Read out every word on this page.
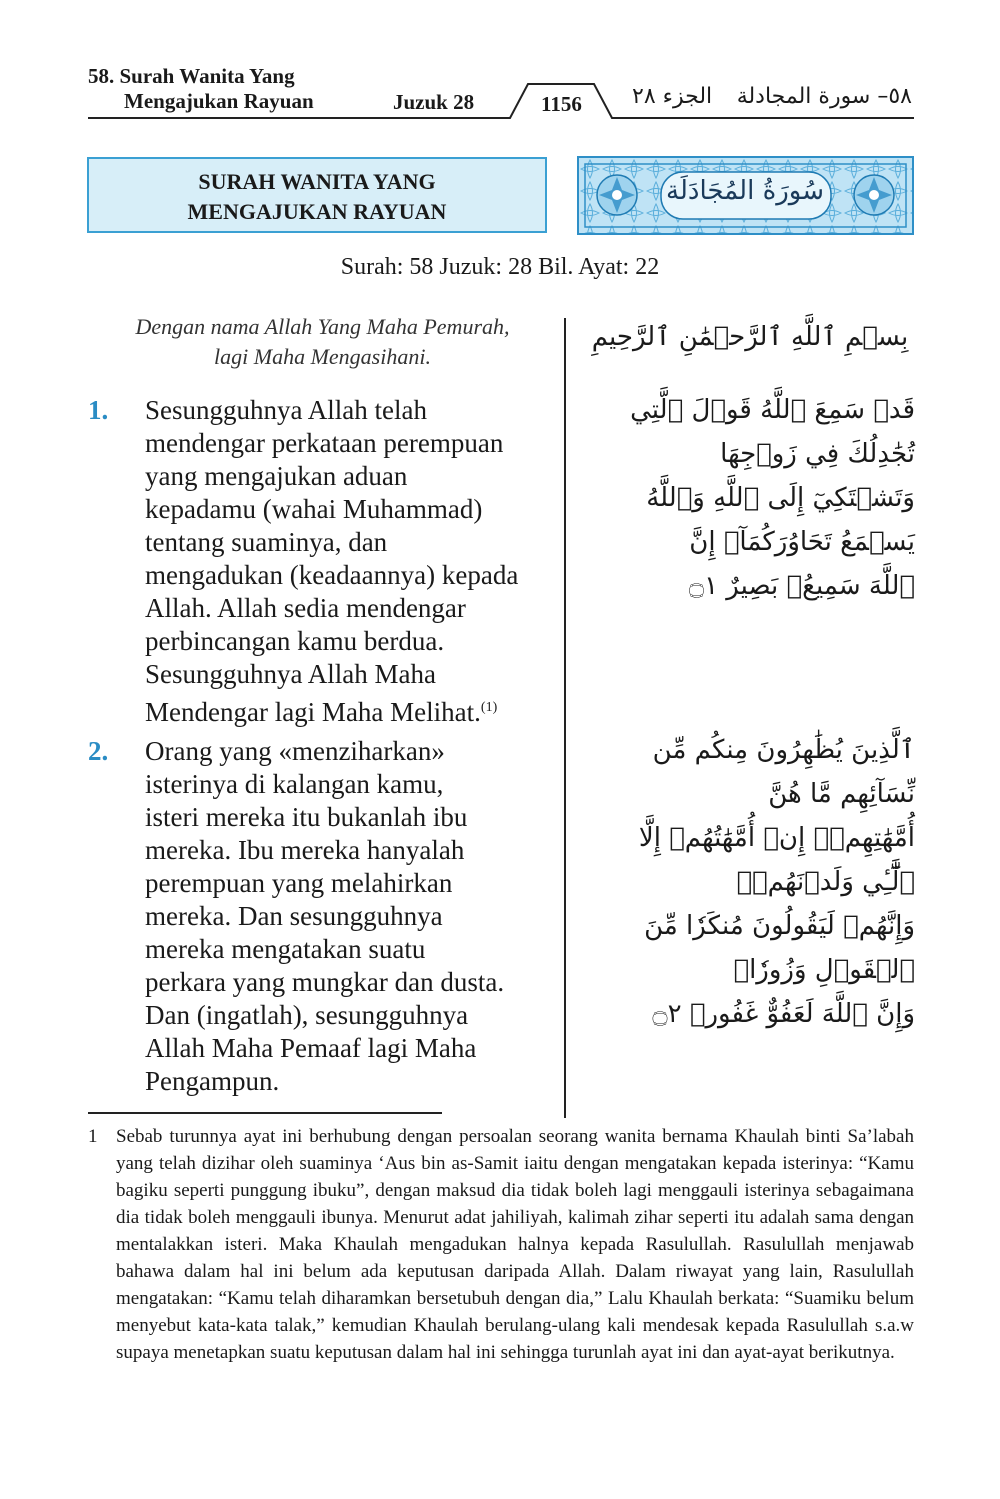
58. Surah Wanita Yang
Mengajukan Rayuan	Juzuk 28	1156 الجزء ٢٨ ٥٨– سورة المجادلة
SURAH WANITA YANG
MENGAJUKAN RAYUAN
سُورَةُ المُجَادَلَة
Surah: 58 Juzuk: 28 Bil. Ayat: 22
Dengan nama Allah Yang Maha Pemurah,
lagi Maha Mengasihani.
بِسۡمِ ٱللَّهِ ٱلرَّحۡمَٰنِ ٱلرَّحِيمِ
1. Sesungguhnya Allah telah
mendengar perkataan perempuan
yang mengajukan aduan
kepadamu (wahai Muhammad)
tentang suaminya, dan
mengadukan (keadaannya) kepada
Allah. Allah sedia mendengar
perbincangan kamu berdua.
Sesungguhnya Allah Maha
Mendengar lagi Maha Melihat.$^{(1)}$
قَدۡ سَمِعَ ٱللَّهُ قَوۡلَ ٱلَّتِي تُجَٰدِلُكَ فِي زَوۡجِهَا
وَتَشۡتَكِيٓ إِلَى ٱللَّهِ وَٱللَّهُ يَسۡمَعُ تَحَاوُرَكُمَآۚ إِنَّ
ٱللَّهَ سَمِيعُۢ بَصِيرٌ ۝١
2. Orang yang «menziharkan»
isterinya di kalangan kamu,
isteri mereka itu bukanlah ibu
mereka. Ibu mereka hanyalah
perempuan yang melahirkan
mereka. Dan sesungguhnya
mereka mengatakan suatu
perkara yang mungkar dan dusta.
Dan (ingatlah), sesungguhnya
Allah Maha Pemaaf lagi Maha
Pengampun.
ٱلَّذِينَ يُظَٰهِرُونَ مِنكُم مِّن نِّسَآئِهِم مَّا هُنَّ
أُمَّهَٰتِهِمۡۖ إِنۡ أُمَّهَٰتُهُمۡ إِلَّا ٱلَّٰٓـِٔي وَلَدۡنَهُمۡۚ
وَإِنَّهُمۡ لَيَقُولُونَ مُنكَرٗا مِّنَ ٱلۡقَوۡلِ وَزُورٗاۚ
وَإِنَّ ٱللَّهَ لَعَفُوٌّ غَفُورٞ ۝٢
1 Sebab turunnya ayat ini berhubung dengan persoalan seorang wanita bernama Khaulah binti Sa’labah yang telah dizihar oleh suaminya ‘Aus bin as-Samit iaitu dengan mengatakan kepada isterinya: “Kamu bagiku seperti punggung ibuku”, dengan maksud dia tidak boleh lagi menggauli isterinya sebagaimana dia tidak boleh menggauli ibunya. Menurut adat jahiliyah, kalimah zihar seperti itu adalah sama dengan mentalakkan isteri. Maka Khaulah mengadukan halnya kepada Rasulullah. Rasulullah menjawab bahawa dalam hal ini belum ada keputusan daripada Allah. Dalam riwayat yang lain, Rasulullah mengatakan: “Kamu telah diharamkan bersetubuh dengan dia,” Lalu Khaulah berkata: “Suamiku belum menyebut kata-kata talak,” kemudian Khaulah berulang-ulang kali mendesak kepada Rasulullah s.a.w supaya menetapkan suatu keputusan dalam hal ini sehingga turunlah ayat ini dan ayat-ayat berikutnya.
